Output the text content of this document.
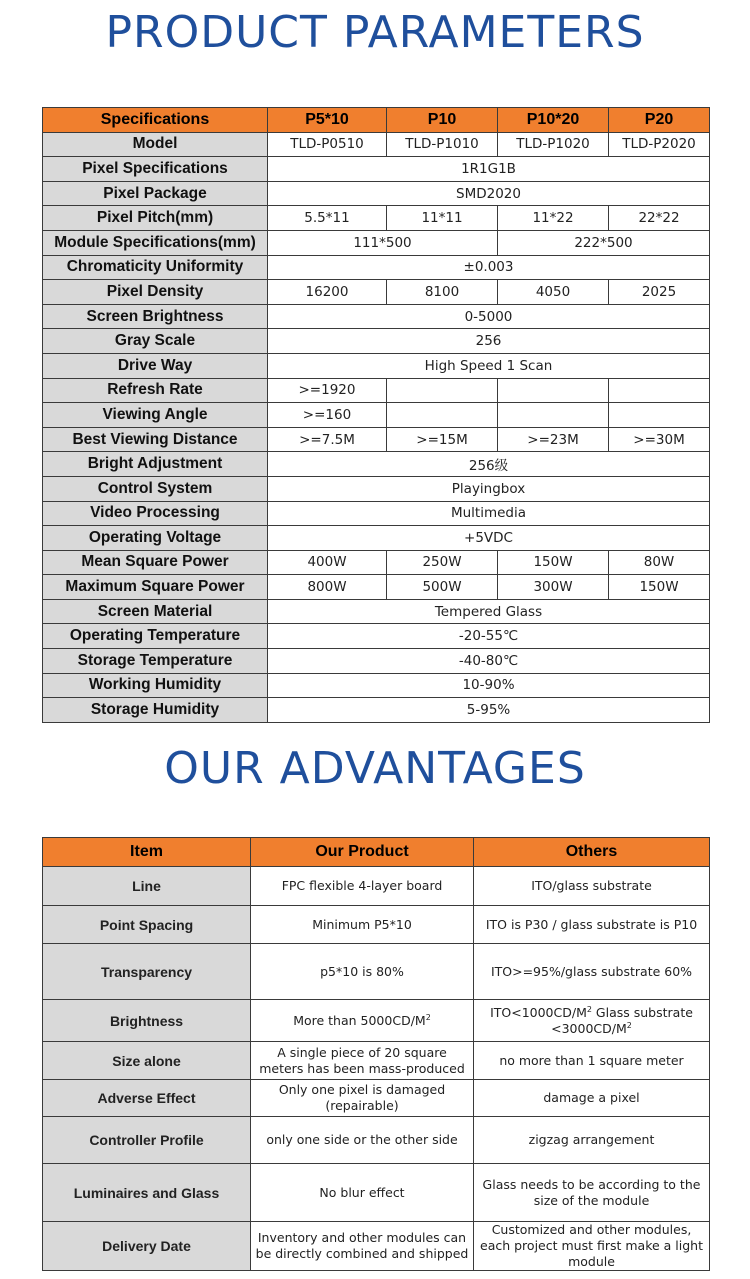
PRODUCT PARAMETERS
Specifications	P5*10	P10	P10*20	P20
Model	TLD-P0510	TLD-P1010	TLD-P1020	TLD-P2020
Pixel Specifications	1R1G1B			
Pixel Package	SMD2020			
Pixel Pitch(mm)	5.5*11	11*11	11*22	22*22
Module Specifications(mm)	111*500		222*500	
Chromaticity Uniformity	±0.003			
Pixel Density	16200	8100	4050	2025
Screen Brightness	0-5000			
Gray Scale	256			
Drive Way	High Speed 1 Scan			
Refresh Rate	>=1920			
Viewing Angle	>=160			
Best Viewing Distance	>=7.5M	>=15M	>=23M	>=30M
Bright Adjustment	256级			
Control System	Playingbox			
Video Processing	Multimedia			
Operating Voltage	+5VDC			
Mean Square Power	400W	250W	150W	80W
Maximum Square Power	800W	500W	300W	150W
Screen Material	Tempered Glass			
Operating Temperature	-20-55℃			
Storage Temperature	-40-80℃			
Working Humidity	10-90%			
Storage Humidity	5-95%			
OUR ADVANTAGES
Item	Our Product	Others
Line	FPC flexible 4-layer board	ITO/glass substrate
Point Spacing	Minimum P5*10	ITO is P30 / glass substrate is P10
Transparency	p5*10 is 80%	ITO>=95%/glass substrate 60%
Brightness	More than $5000CD/M^2$	$ITO<1000CD/M^2$ Glass substrate $<3000CD/M^2$
Size alone	A single piece of 20 square meters has been mass-produced	no more than 1 square meter
Adverse Effect	Only one pixel is damaged (repairable)	damage a pixel
Controller Profile	only one side or the other side	zigzag arrangement
Luminaires and Glass	No blur effect	Glass needs to be according to the size of the module
Delivery Date	Inventory and other modules can be directly combined and shipped	Customized and other modules, each project must first make a light module
